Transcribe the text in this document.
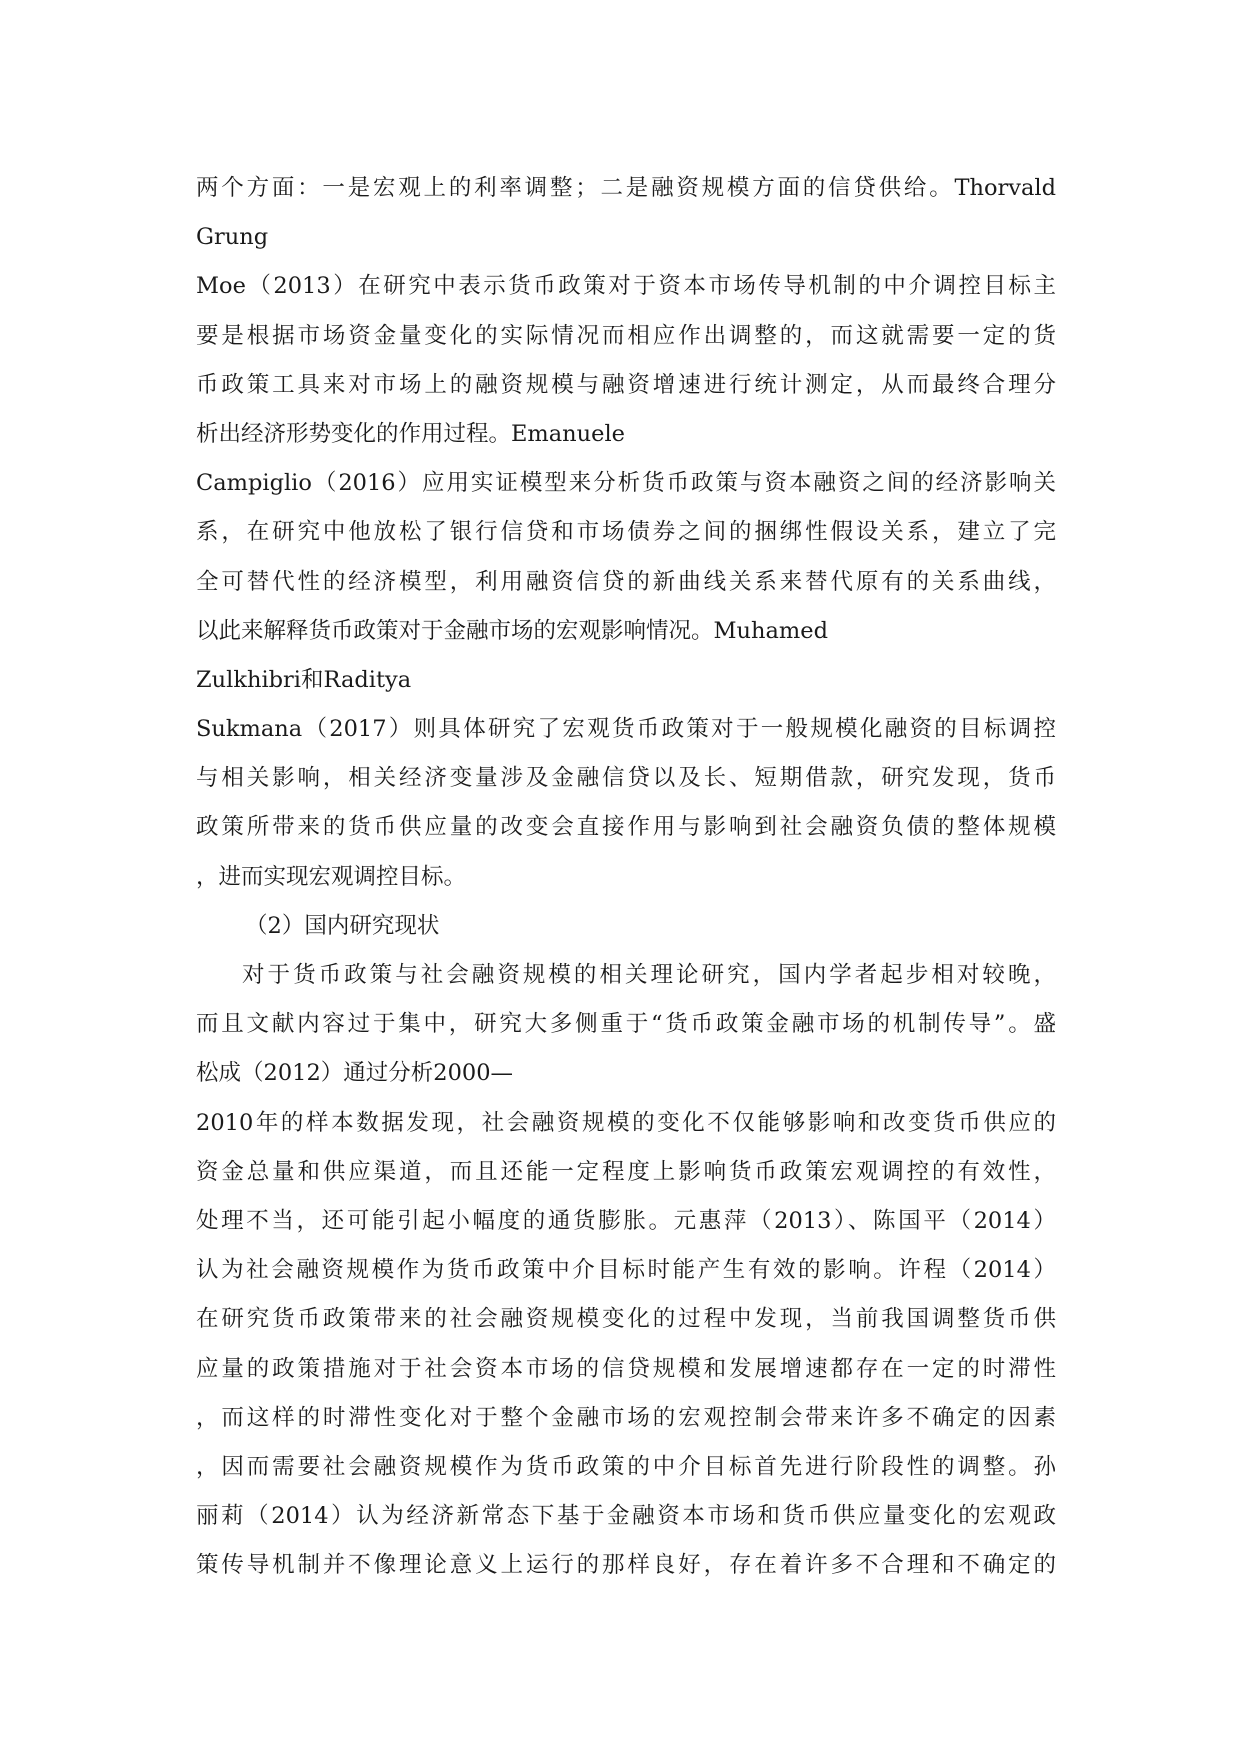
两个方面：一是宏观上的利率调整；二是融资规模方面的信贷供给。Thorvald
Grung
Moe（2013）在研究中表示货币政策对于资本市场传导机制的中介调控目标主
要是根据市场资金量变化的实际情况而相应作出调整的，而这就需要一定的货
币政策工具来对市场上的融资规模与融资增速进行统计测定，从而最终合理分
析出经济形势变化的作用过程。Emanuele
Campiglio（2016）应用实证模型来分析货币政策与资本融资之间的经济影响关
系，在研究中他放松了银行信贷和市场债券之间的捆绑性假设关系，建立了完
全可替代性的经济模型，利用融资信贷的新曲线关系来替代原有的关系曲线，
以此来解释货币政策对于金融市场的宏观影响情况。Muhamed
Zulkhibri和Raditya
Sukmana（2017）则具体研究了宏观货币政策对于一般规模化融资的目标调控
与相关影响，相关经济变量涉及金融信贷以及长、短期借款，研究发现，货币
政策所带来的货币供应量的改变会直接作用与影响到社会融资负债的整体规模
，进而实现宏观调控目标。
（2）国内研究现状
对于货币政策与社会融资规模的相关理论研究，国内学者起步相对较晚，
而且文献内容过于集中，研究大多侧重于“货币政策金融市场的机制传导”。盛
松成（2012）通过分析2000—
2010年的样本数据发现，社会融资规模的变化不仅能够影响和改变货币供应的
资金总量和供应渠道，而且还能一定程度上影响货币政策宏观调控的有效性，
处理不当，还可能引起小幅度的通货膨胀。元惠萍（2013）、陈国平（2014）
认为社会融资规模作为货币政策中介目标时能产生有效的影响。许程（2014）
在研究货币政策带来的社会融资规模变化的过程中发现，当前我国调整货币供
应量的政策措施对于社会资本市场的信贷规模和发展增速都存在一定的时滞性
，而这样的时滞性变化对于整个金融市场的宏观控制会带来许多不确定的因素
，因而需要社会融资规模作为货币政策的中介目标首先进行阶段性的调整。孙
丽莉（2014）认为经济新常态下基于金融资本市场和货币供应量变化的宏观政
策传导机制并不像理论意义上运行的那样良好，存在着许多不合理和不确定的
